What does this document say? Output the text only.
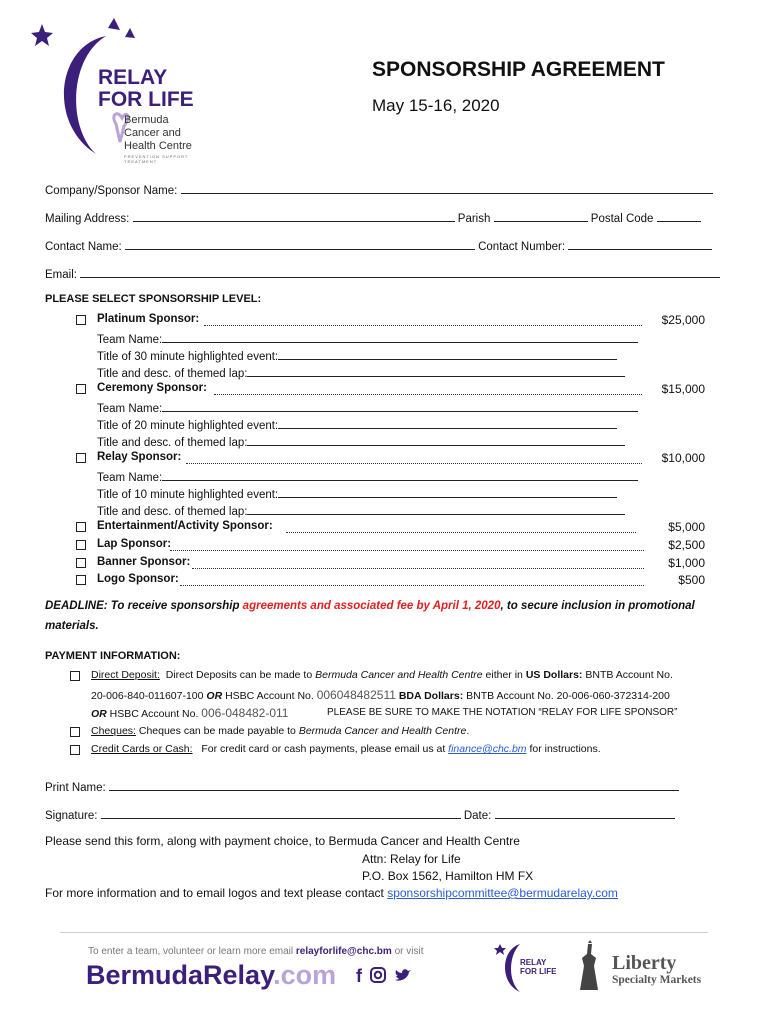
RELAY
FOR LIFE
Bermuda
Cancer and
Health Centre
PREVENTION SUPPORT TREATMENT
SPONSORSHIP AGREEMENT
May 15-16, 2020
Company/Sponsor Name:
Mailing Address:	Parish	Postal Code
Contact Name:	Contact Number:
Email:
PLEASE SELECT SPONSORSHIP LEVEL:
Platinum Sponsor:	$25,000
Team Name:
Title of 30 minute highlighted event:
Title and desc. of themed lap:
Ceremony Sponsor:	$15,000
Team Name:
Title of 20 minute highlighted event:
Title and desc. of themed lap:
Relay Sponsor:	$10,000
Team Name:
Title of 10 minute highlighted event:
Title and desc. of themed lap:
Entertainment/Activity Sponsor:	$5,000
Lap Sponsor:	$2,500
Banner Sponsor:	$1,000
Logo Sponsor:	$500
DEADLINE: To receive sponsorship agreements and associated fee by April 1, 2020, to secure inclusion in promotional
materials.
PAYMENT INFORMATION:
Direct Deposit: Direct Deposits can be made to Bermuda Cancer and Health Centre either in US Dollars: BNTB Account No.
20-006-840-011607-100 OR HSBC Account No. 006048482511 BDA Dollars: BNTB Account No. 20-006-060-372314-200
OR HSBC Account No. 006-048482-011	PLEASE BE SURE TO MAKE THE NOTATION “RELAY FOR LIFE SPONSOR”
Cheques: Cheques can be made payable to Bermuda Cancer and Health Centre.
Credit Cards or Cash: For credit card or cash payments, please email us at finance@chc.bm for instructions.
Print Name:
Signature:	Date:
Please send this form, along with payment choice, to Bermuda Cancer and Health Centre
Attn: Relay for Life
P.O. Box 1562, Hamilton HM FX
For more information and to email logos and text please contact sponsorshipcommittee@bermudarelay.com
To enter a team, volunteer or learn more email relayforlife@chc.bm or visit
BermudaRelay.com f
RELAY
FOR LIFE	Liberty
Specialty Markets
